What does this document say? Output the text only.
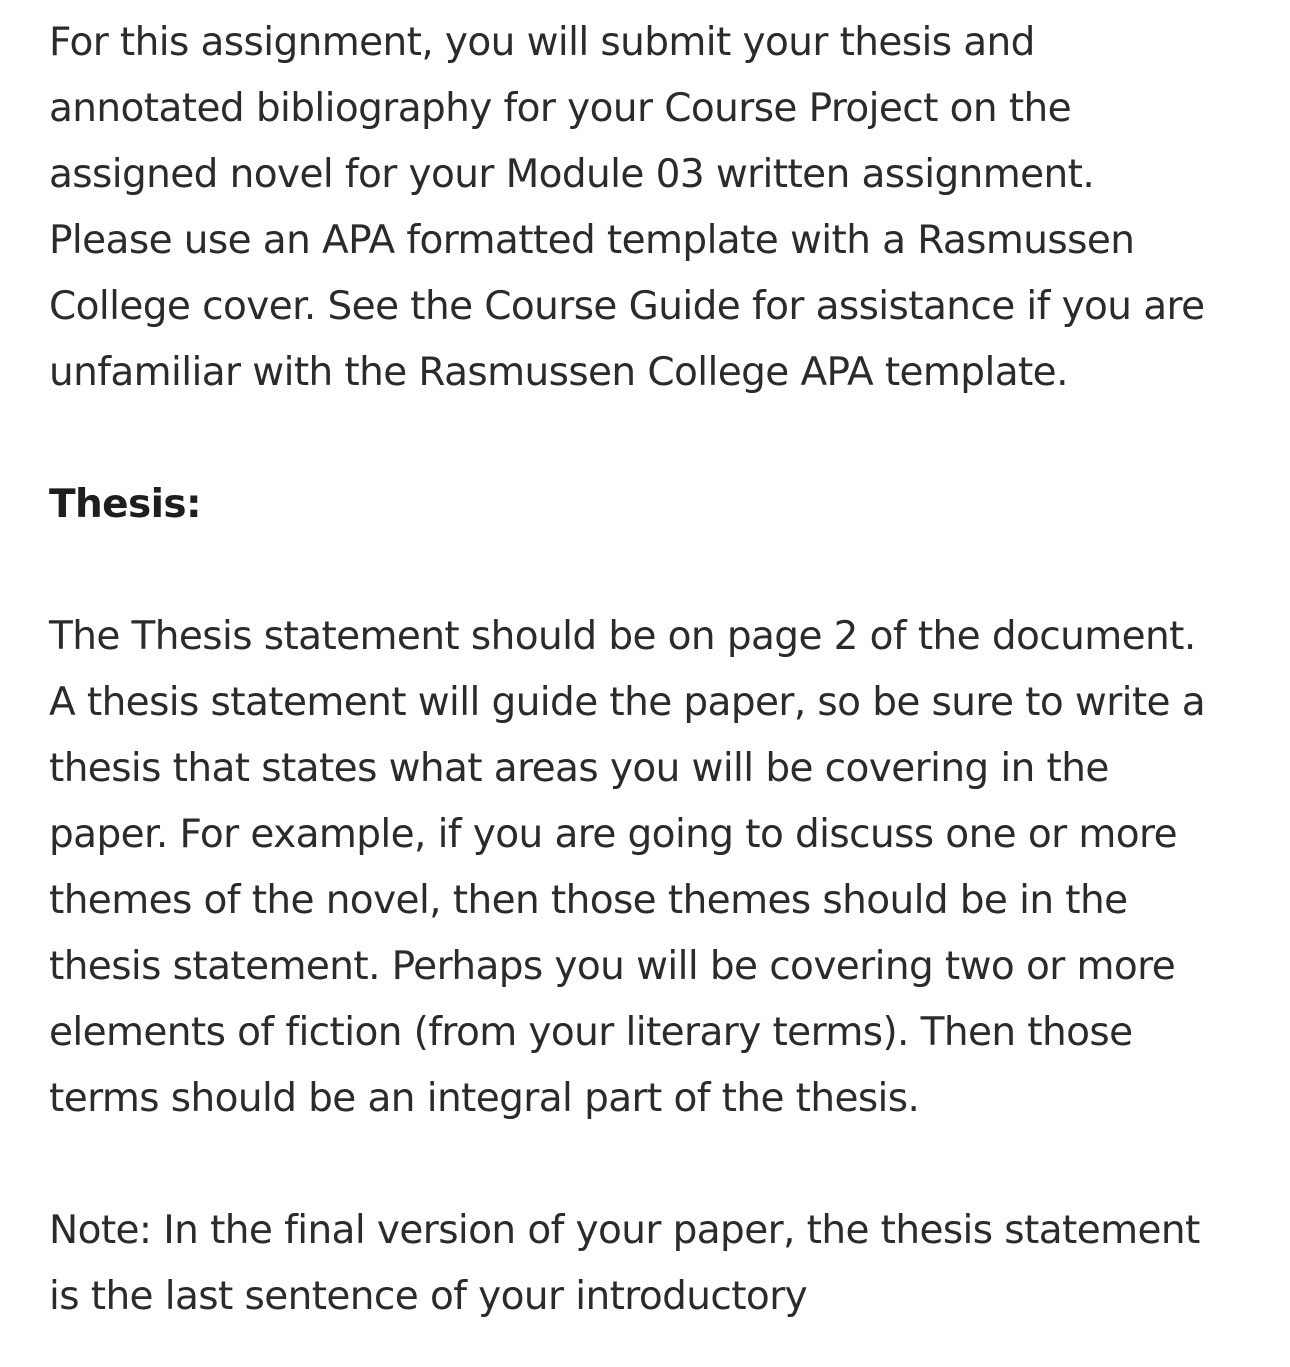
For this assignment, you will submit your thesis and
annotated bibliography for your Course Project on the
assigned novel for your Module 03 written assignment.
Please use an APA formatted template with a Rasmussen
College cover. See the Course Guide for assistance if you are
unfamiliar with the Rasmussen College APA template.
Thesis:
The Thesis statement should be on page 2 of the document.
A thesis statement will guide the paper, so be sure to write a
thesis that states what areas you will be covering in the
paper. For example, if you are going to discuss one or more
themes of the novel, then those themes should be in the
thesis statement. Perhaps you will be covering two or more
elements of fiction (from your literary terms). Then those
terms should be an integral part of the thesis.
Note: In the final version of your paper, the thesis statement
is the last sentence of your introductory
